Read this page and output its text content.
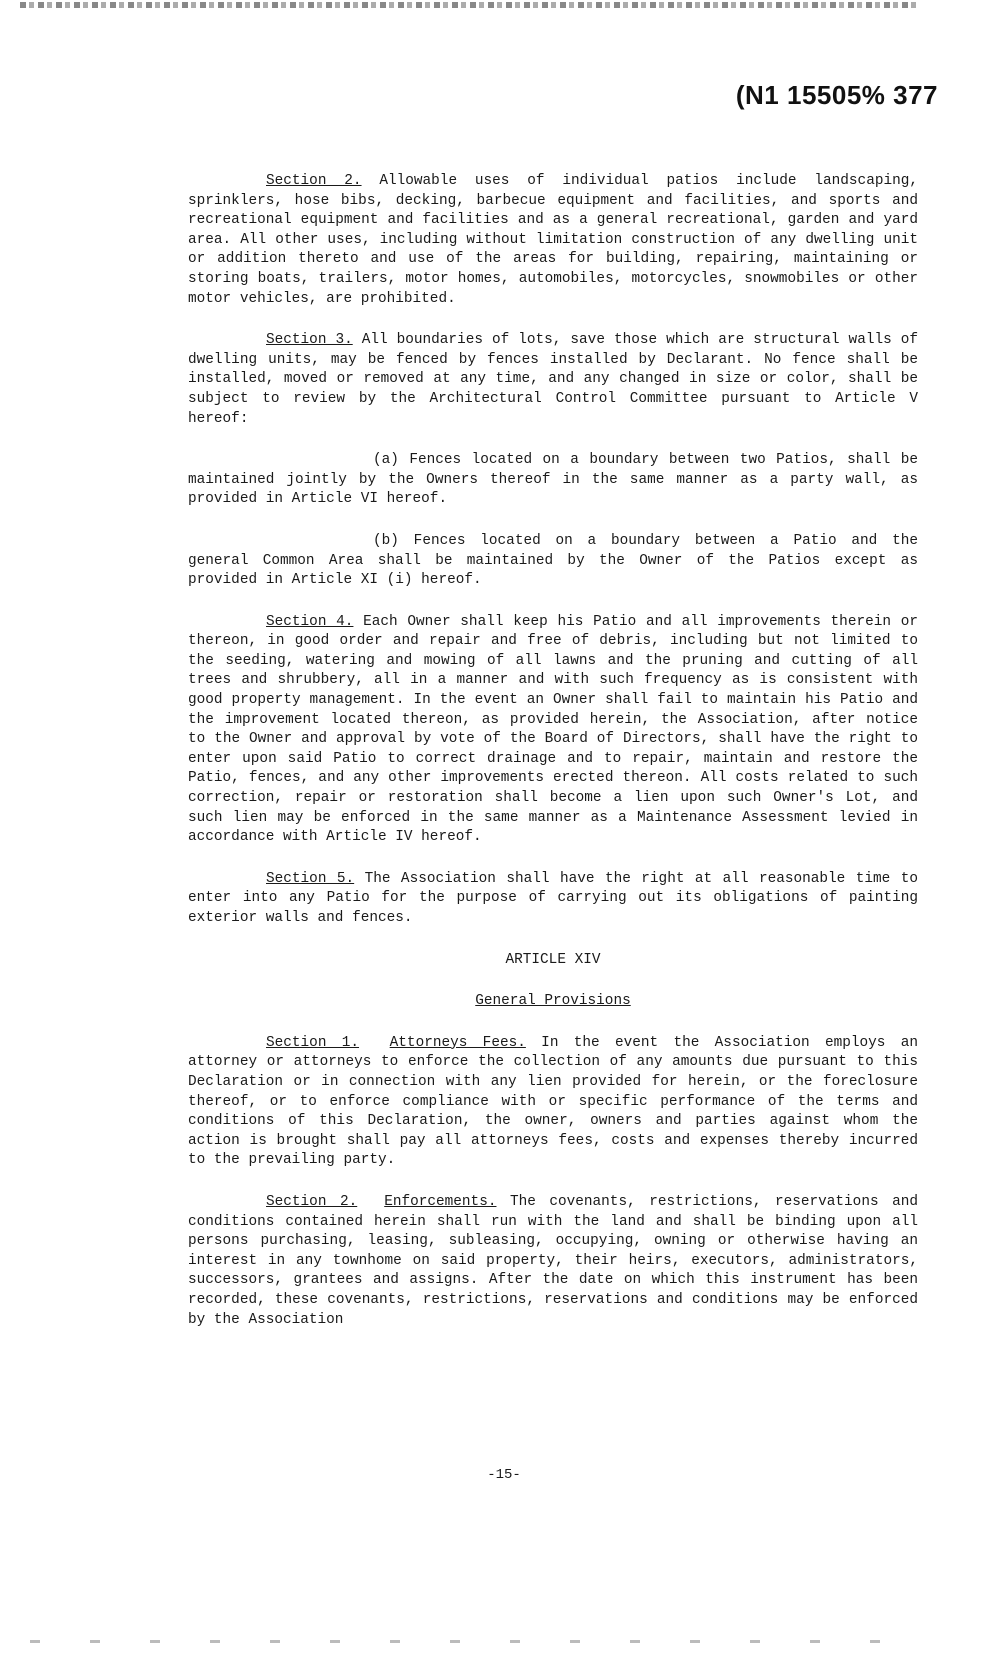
(N1 15505% 377

Section 2. Allowable uses of individual patios include landscaping, sprinklers, hose bibs, decking, barbecue equipment and facilities, and sports and recreational equipment and facilities and as a general recreational, garden and yard area. All other uses, including without limitation construction of any dwelling unit or addition thereto and use of the areas for building, repairing, maintaining or storing boats, trailers, motor homes, automobiles, motorcycles, snowmobiles or other motor vehicles, are prohibited.

Section 3. All boundaries of lots, save those which are structural walls of dwelling units, may be fenced by fences installed by Declarant. No fence shall be installed, moved or removed at any time, and any changed in size or color, shall be subject to review by the Architectural Control Committee pursuant to Article V hereof:

(a) Fences located on a boundary between two Patios, shall be maintained jointly by the Owners thereof in the same manner as a party wall, as provided in Article VI hereof.

(b) Fences located on a boundary between a Patio and the general Common Area shall be maintained by the Owner of the Patios except as provided in Article XI (i) hereof.

Section 4. Each Owner shall keep his Patio and all improvements therein or thereon, in good order and repair and free of debris, including but not limited to the seeding, watering and mowing of all lawns and the pruning and cutting of all trees and shrubbery, all in a manner and with such frequency as is consistent with good property management. In the event an Owner shall fail to maintain his Patio and the improvement located thereon, as provided herein, the Association, after notice to the Owner and approval by vote of the Board of Directors, shall have the right to enter upon said Patio to correct drainage and to repair, maintain and restore the Patio, fences, and any other improvements erected thereon. All costs related to such correction, repair or restoration shall become a lien upon such Owner's Lot, and such lien may be enforced in the same manner as a Maintenance Assessment levied in accordance with Article IV hereof.

Section 5. The Association shall have the right at all reasonable time to enter into any Patio for the purpose of carrying out its obligations of painting exterior walls and fences.

ARTICLE XIV

General Provisions

Section 1. Attorneys Fees. In the event the Association employs an attorney or attorneys to enforce the collection of any amounts due pursuant to this Declaration or in connection with any lien provided for herein, or the foreclosure thereof, or to enforce compliance with or specific performance of the terms and conditions of this Declaration, the owner, owners and parties against whom the action is brought shall pay all attorneys fees, costs and expenses thereby incurred to the prevailing party.

Section 2. Enforcements. The covenants, restrictions, reservations and conditions contained herein shall run with the land and shall be binding upon all persons purchasing, leasing, subleasing, occupying, owning or otherwise having an interest in any townhome on said property, their heirs, executors, administrators, successors, grantees and assigns. After the date on which this instrument has been recorded, these covenants, restrictions, reservations and conditions may be enforced by the Association

-15-
